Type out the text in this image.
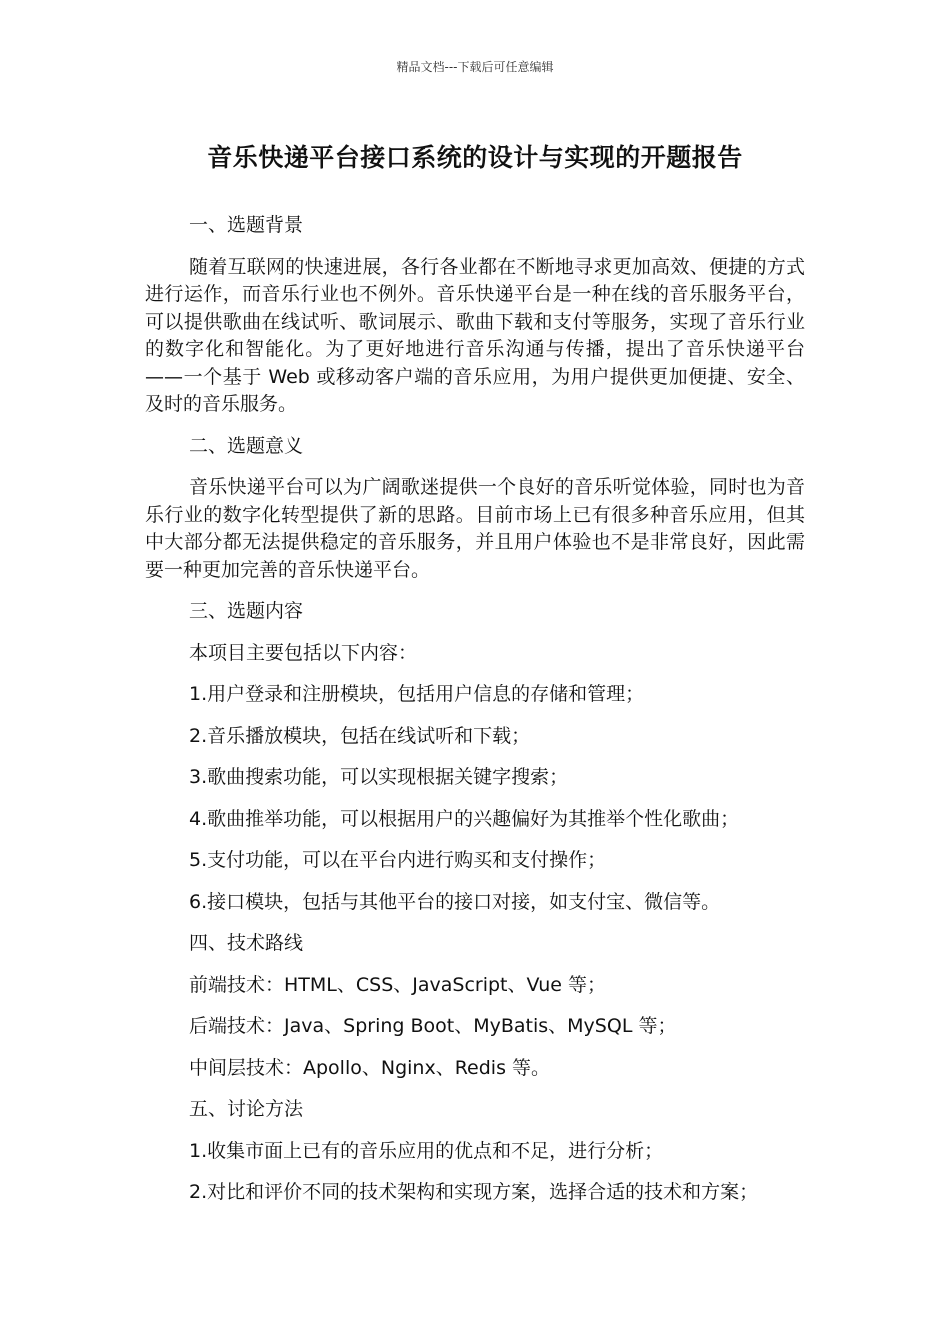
精品文档---下载后可任意编辑
音乐快递平台接口系统的设计与实现的开题报告
一、选题背景
随着互联网的快速进展，各行各业都在不断地寻求更加高效、便捷的方式进行运作，而音乐行业也不例外。音乐快递平台是一种在线的音乐服务平台，可以提供歌曲在线试听、歌词展示、歌曲下载和支付等服务，实现了音乐行业的数字化和智能化。为了更好地进行音乐沟通与传播，提出了音乐快递平台——一个基于 Web 或移动客户端的音乐应用，为用户提供更加便捷、安全、及时的音乐服务。
二、选题意义
音乐快递平台可以为广阔歌迷提供一个良好的音乐听觉体验，同时也为音乐行业的数字化转型提供了新的思路。目前市场上已有很多种音乐应用，但其中大部分都无法提供稳定的音乐服务，并且用户体验也不是非常良好，因此需要一种更加完善的音乐快递平台。
三、选题内容
本项目主要包括以下内容：
1.用户登录和注册模块，包括用户信息的存储和管理；
2.音乐播放模块，包括在线试听和下载；
3.歌曲搜索功能，可以实现根据关键字搜索；
4.歌曲推举功能，可以根据用户的兴趣偏好为其推举个性化歌曲；
5.支付功能，可以在平台内进行购买和支付操作；
6.接口模块，包括与其他平台的接口对接，如支付宝、微信等。
四、技术路线
前端技术：HTML、CSS、JavaScript、Vue 等；
后端技术：Java、Spring Boot、MyBatis、MySQL 等；
中间层技术：Apollo、Nginx、Redis 等。
五、讨论方法
1.收集市面上已有的音乐应用的优点和不足，进行分析；
2.对比和评价不同的技术架构和实现方案，选择合适的技术和方案；
